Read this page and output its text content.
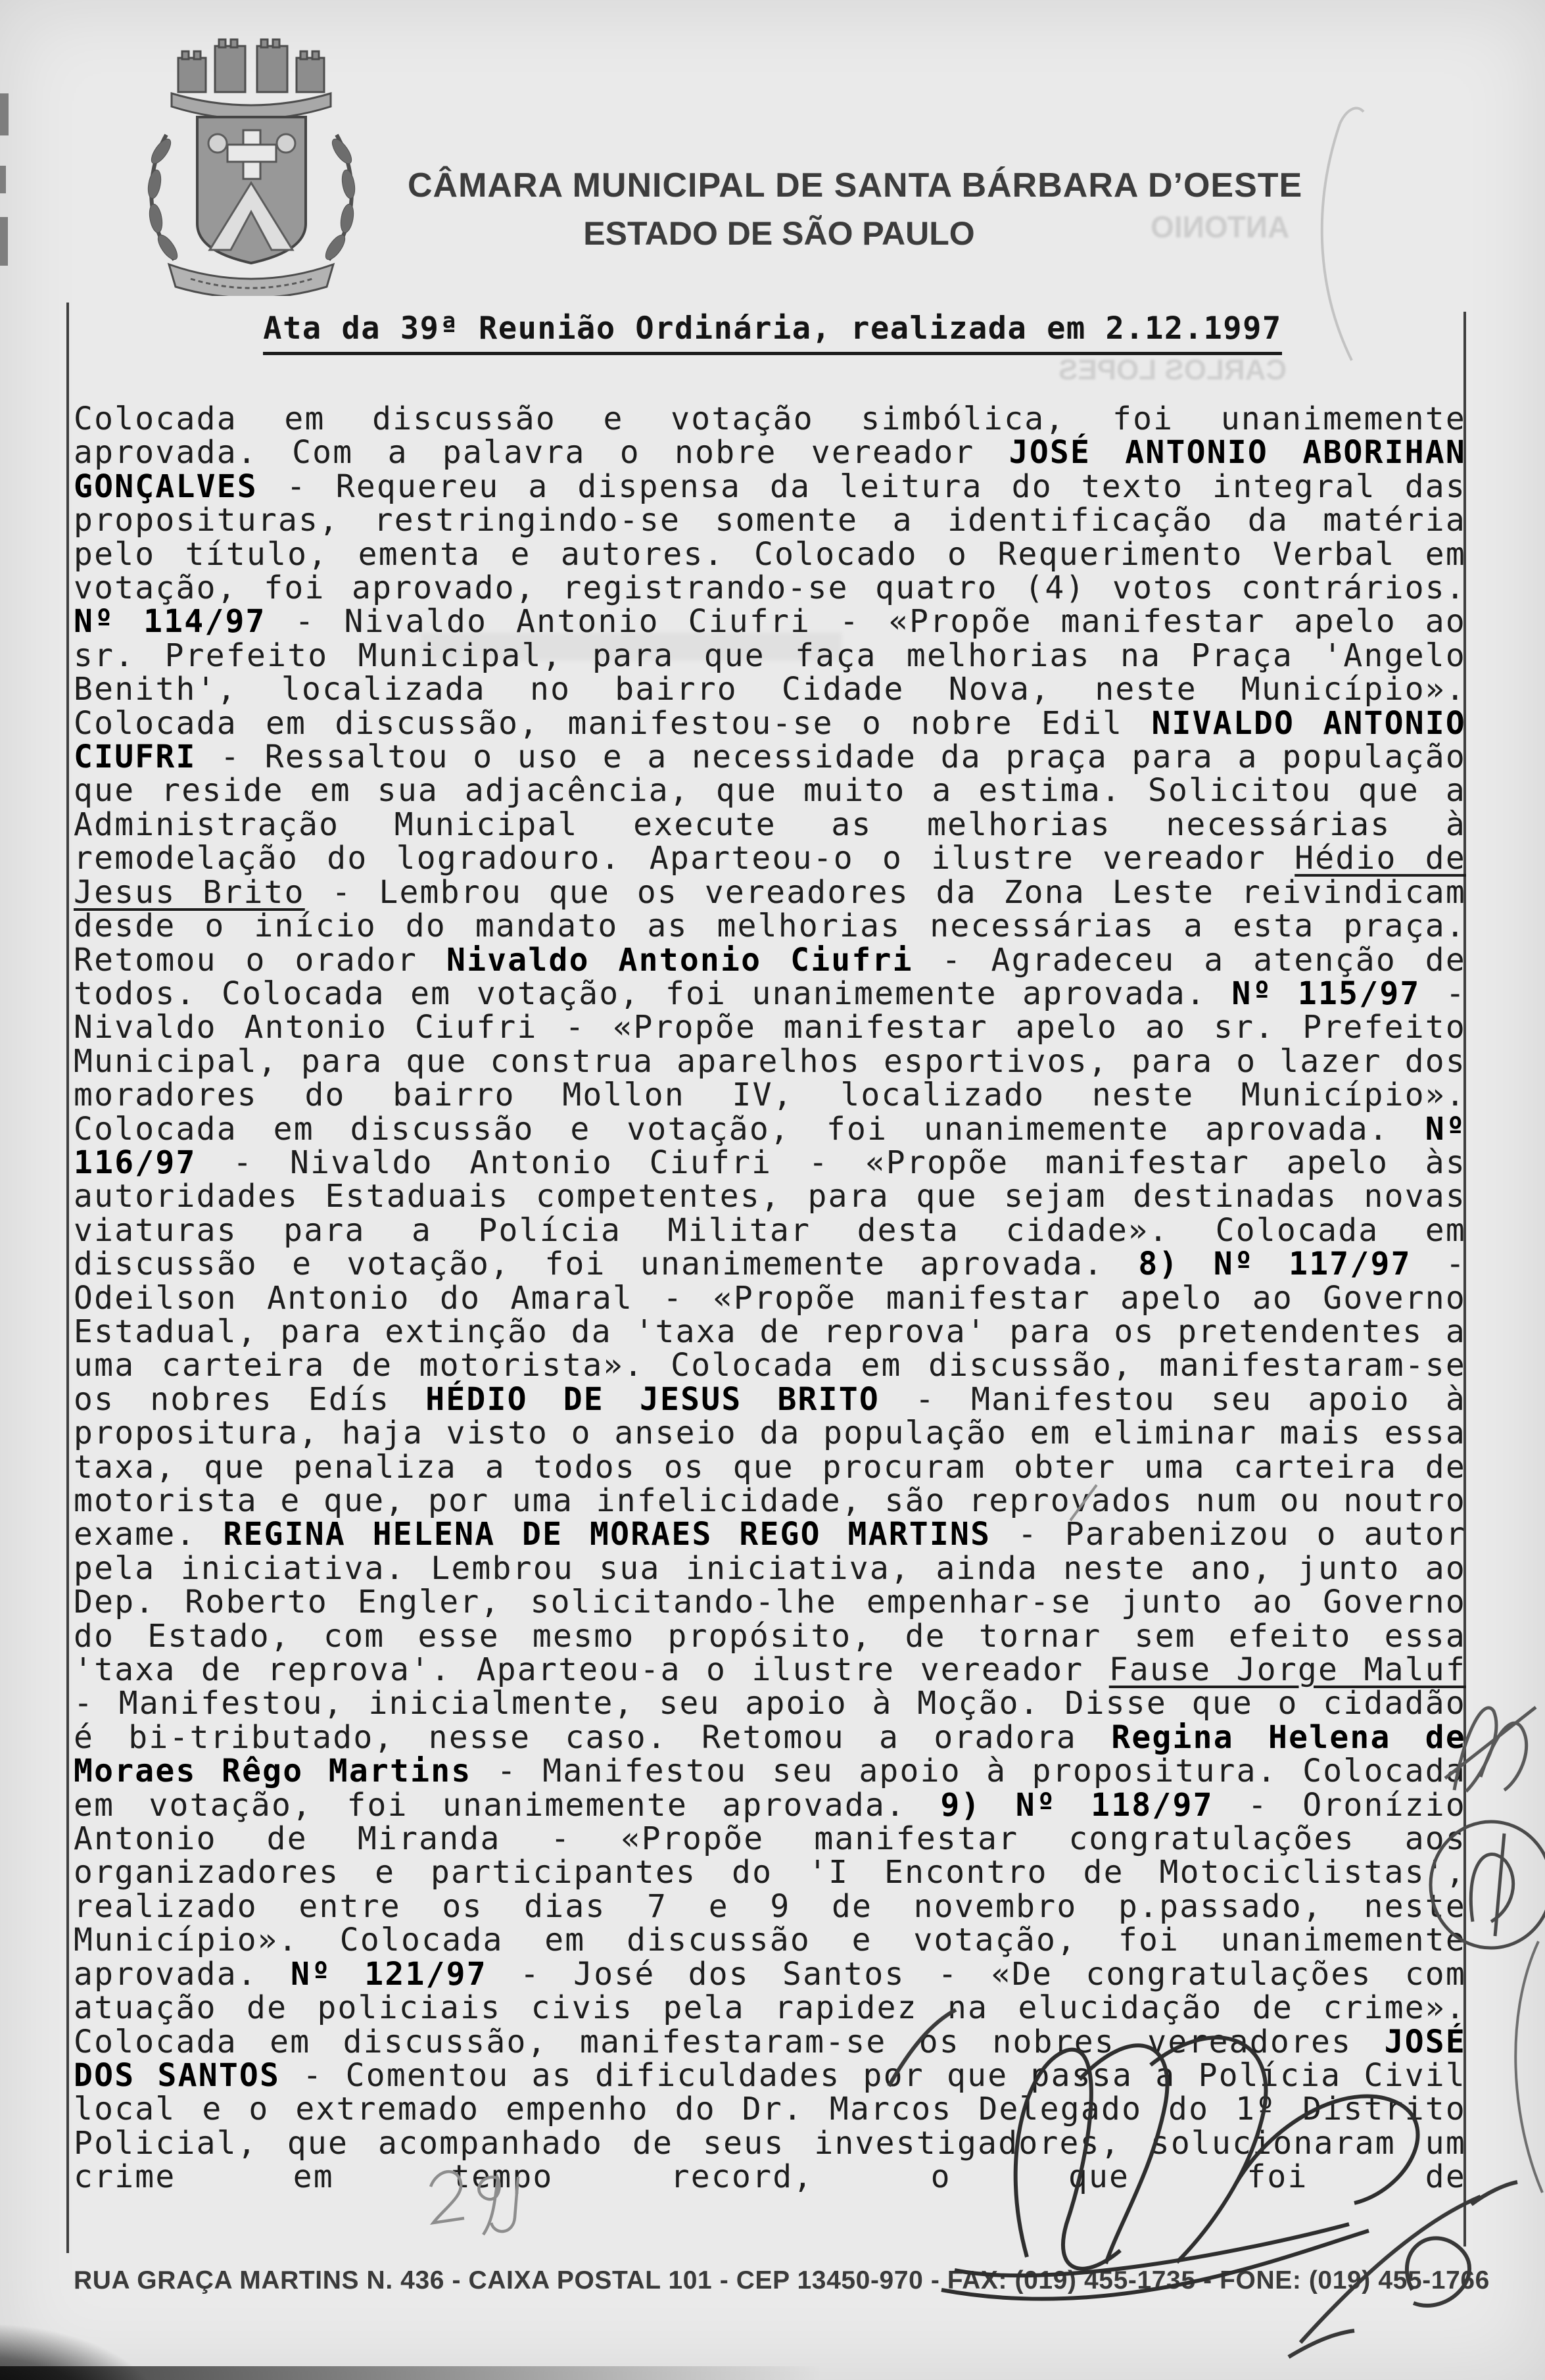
ANTONIO
CARLOS LOPES
CÂMARA MUNICIPAL DE SANTA BÁRBARA D’OESTE
ESTADO DE SÃO PAULO
Ata da 39ª Reunião Ordinária, realizada em 2.12.1997
Colocada em discussão e votação simbólica, foi unanimemente aprovada. Com a palavra o nobre vereador JOSÉ ANTONIO ABORIHAN GONÇALVES - Requereu a dispensa da leitura do texto integral das proposituras, restringindo-se somente a identificação da matéria pelo título, ementa e autores. Colocado o Requerimento Verbal em votação, foi aprovado, registrando-se quatro (4) votos contrários. Nº 114/97 - Nivaldo Antonio Ciufri - «Propõe manifestar apelo ao sr. Prefeito Municipal, para que faça melhorias na Praça 'Angelo Benith', localizada no bairro Cidade Nova, neste Município». Colocada em discussão, manifestou-se o nobre Edil NIVALDO ANTONIO CIUFRI - Ressaltou o uso e a necessidade da praça para a população que reside em sua adjacência, que muito a estima. Solicitou que a Administração Municipal execute as melhorias necessárias à remodelação do logradouro. Aparteou-o o ilustre vereador Hédio de Jesus Brito - Lembrou que os vereadores da Zona Leste reivindicam desde o início do mandato as melhorias necessárias a esta praça. Retomou o orador Nivaldo Antonio Ciufri - Agradeceu a atenção de todos. Colocada em votação, foi unanimemente aprovada. Nº 115/97 - Nivaldo Antonio Ciufri - «Propõe manifestar apelo ao sr. Prefeito Municipal, para que construa aparelhos esportivos, para o lazer dos moradores do bairro Mollon IV, localizado neste Município». Colocada em discussão e votação, foi unanimemente aprovada. Nº 116/97 - Nivaldo Antonio Ciufri - «Propõe manifestar apelo às autoridades Estaduais competentes, para que sejam destinadas novas viaturas para a Polícia Militar desta cidade». Colocada em discussão e votação, foi unanimemente aprovada. 8) Nº 117/97 - Odeilson Antonio do Amaral - «Propõe manifestar apelo ao Governo Estadual, para extinção da 'taxa de reprova' para os pretendentes a uma carteira de motorista». Colocada em discussão, manifestaram-se os nobres Edís HÉDIO DE JESUS BRITO - Manifestou seu apoio à propositura, haja visto o anseio da população em eliminar mais essa taxa, que penaliza a todos os que procuram obter uma carteira de motorista e que, por uma infelicidade, são reprovados num ou noutro exame. REGINA HELENA DE MORAES REGO MARTINS - Parabenizou o autor pela iniciativa. Lembrou sua iniciativa, ainda neste ano, junto ao Dep. Roberto Engler, solicitando-lhe empenhar-se junto ao Governo do Estado, com esse mesmo propósito, de tornar sem efeito essa 'taxa de reprova'. Aparteou-a o ilustre vereador Fause Jorge Maluf - Manifestou, inicialmente, seu apoio à Moção. Disse que o cidadão é bi-tributado, nesse caso. Retomou a oradora Regina Helena de Moraes Rêgo Martins - Manifestou seu apoio à propositura. Colocada em votação, foi unanimemente aprovada. 9) Nº 118/97 - Oronízio Antonio de Miranda - «Propõe manifestar congratulações aos organizadores e participantes do 'I Encontro de Motociclistas', realizado entre os dias 7 e 9 de novembro p.passado, neste Município». Colocada em discussão e votação, foi unanimemente aprovada. Nº 121/97 - José dos Santos - «De congratulações com atuação de policiais civis pela rapidez na elucidação de crime». Colocada em discussão, manifestaram-se os nobres vereadores JOSÉ DOS SANTOS - Comentou as dificuldades por que passa a Polícia Civil local e o extremado empenho do Dr. Marcos Delegado do 1º Distrito Policial, que acompanhado de seus investigadores, solucionaram um crime em tempo record, o que foi de
RUA GRAÇA MARTINS N. 436 - CAIXA POSTAL 101 - CEP 13450-970 - FAX: (019) 455-1735 - FONE: (019) 455-1766
